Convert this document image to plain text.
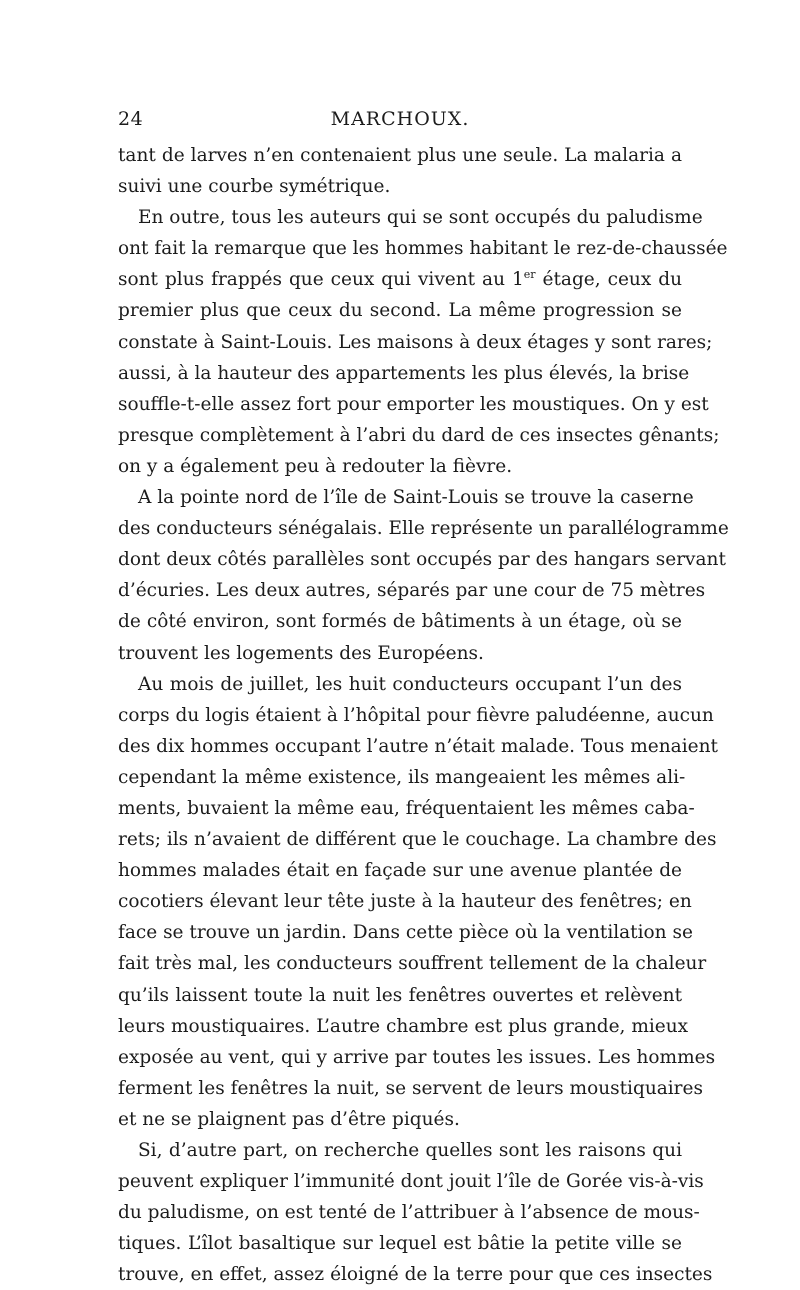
24	MARCHOUX.

tant de larves n’en contenaient plus une seule. La malaria a
suivi une courbe symétrique.

En outre, tous les auteurs qui se sont occupés du paludisme
ont fait la remarque que les hommes habitant le rez-de-chaussée
sont plus frappés que ceux qui vivent au 1er étage, ceux du
premier plus que ceux du second. La même progression se
constate à Saint-Louis. Les maisons à deux étages y sont rares;
aussi, à la hauteur des appartements les plus élevés, la brise
souffle-t-elle assez fort pour emporter les moustiques. On y est
presque complètement à l’abri du dard de ces insectes gênants;
on y a également peu à redouter la fièvre.

A la pointe nord de l’île de Saint-Louis se trouve la caserne
des conducteurs sénégalais. Elle représente un parallélogramme
dont deux côtés parallèles sont occupés par des hangars servant
d’écuries. Les deux autres, séparés par une cour de 75 mètres
de côté environ, sont formés de bâtiments à un étage, où se
trouvent les logements des Européens.

Au mois de juillet, les huit conducteurs occupant l’un des
corps du logis étaient à l’hôpital pour fièvre paludéenne, aucun
des dix hommes occupant l’autre n’était malade. Tous menaient
cependant la même existence, ils mangeaient les mêmes ali-
ments, buvaient la même eau, fréquentaient les mêmes caba-
rets; ils n’avaient de différent que le couchage. La chambre des
hommes malades était en façade sur une avenue plantée de
cocotiers élevant leur tête juste à la hauteur des fenêtres; en
face se trouve un jardin. Dans cette pièce où la ventilation se
fait très mal, les conducteurs souffrent tellement de la chaleur
qu’ils laissent toute la nuit les fenêtres ouvertes et relèvent
leurs moustiquaires. L’autre chambre est plus grande, mieux
exposée au vent, qui y arrive par toutes les issues. Les hommes
ferment les fenêtres la nuit, se servent de leurs moustiquaires
et ne se plaignent pas d’être piqués.

Si, d’autre part, on recherche quelles sont les raisons qui
peuvent expliquer l’immunité dont jouit l’île de Gorée vis-à-vis
du paludisme, on est tenté de l’attribuer à l’absence de mous-
tiques. L’îlot basaltique sur lequel est bâtie la petite ville se
trouve, en effet, assez éloigné de la terre pour que ces insectes
